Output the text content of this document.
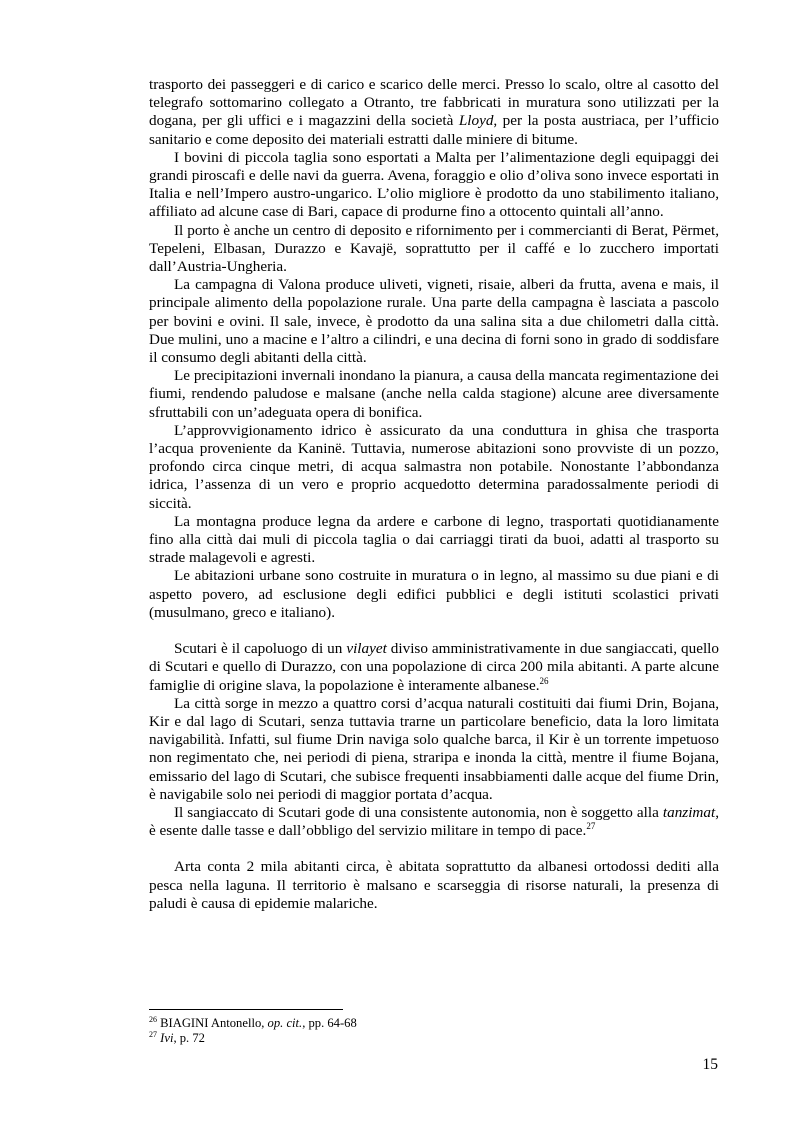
trasporto dei passeggeri e di carico e scarico delle merci. Presso lo scalo, oltre al casotto del telegrafo sottomarino collegato a Otranto, tre fabbricati in muratura sono utilizzati per la dogana, per gli uffici e i magazzini della società Lloyd, per la posta austriaca, per l’ufficio sanitario e come deposito dei materiali estratti dalle miniere di bitume.

I bovini di piccola taglia sono esportati a Malta per l’alimentazione degli equipaggi dei grandi piroscafi e delle navi da guerra. Avena, foraggio e olio d’oliva sono invece esportati in Italia e nell’Impero austro-ungarico. L’olio migliore è prodotto da uno stabilimento italiano, affiliato ad alcune case di Bari, capace di produrne fino a ottocento quintali all’anno.

Il porto è anche un centro di deposito e rifornimento per i commercianti di Berat, Përmet, Tepeleni, Elbasan, Durazzo e Kavajë, soprattutto per il caffé e lo zucchero importati dall’Austria-Ungheria.

La campagna di Valona produce uliveti, vigneti, risaie, alberi da frutta, avena e mais, il principale alimento della popolazione rurale. Una parte della campagna è lasciata a pascolo per bovini e ovini. Il sale, invece, è prodotto da una salina sita a due chilometri dalla città. Due mulini, uno a macine e l’altro a cilindri, e una decina di forni sono in grado di soddisfare il consumo degli abitanti della città.

Le precipitazioni invernali inondano la pianura, a causa della mancata regimentazione dei fiumi, rendendo paludose e malsane (anche nella calda stagione) alcune aree diversamente sfruttabili con un’adeguata opera di bonifica.

L’approvvigionamento idrico è assicurato da una conduttura in ghisa che trasporta l’acqua proveniente da Kaninë. Tuttavia, numerose abitazioni sono provviste di un pozzo, profondo circa cinque metri, di acqua salmastra non potabile. Nonostante l’abbondanza idrica, l’assenza di un vero e proprio acquedotto determina paradossalmente periodi di siccità.

La montagna produce legna da ardere e carbone di legno, trasportati quotidianamente fino alla città dai muli di piccola taglia o dai carriaggi tirati da buoi, adatti al trasporto su strade malagevoli e agresti.

Le abitazioni urbane sono costruite in muratura o in legno, al massimo su due piani e di aspetto povero, ad esclusione degli edifici pubblici e degli istituti scolastici privati (musulmano, greco e italiano).

Scutari è il capoluogo di un vilayet diviso amministrativamente in due sangiaccati, quello di Scutari e quello di Durazzo, con una popolazione di circa 200 mila abitanti. A parte alcune famiglie di origine slava, la popolazione è interamente albanese.$^{26}$

La città sorge in mezzo a quattro corsi d’acqua naturali costituiti dai fiumi Drin, Bojana, Kir e dal lago di Scutari, senza tuttavia trarne un particolare beneficio, data la loro limitata navigabilità. Infatti, sul fiume Drin naviga solo qualche barca, il Kir è un torrente impetuoso non regimentato che, nei periodi di piena, straripa e inonda la città, mentre il fiume Bojana, emissario del lago di Scutari, che subisce frequenti insabbiamenti dalle acque del fiume Drin, è navigabile solo nei periodi di maggior portata d’acqua.

Il sangiaccato di Scutari gode di una consistente autonomia, non è soggetto alla tanzimat, è esente dalle tasse e dall’obbligo del servizio militare in tempo di pace.$^{27}$

Arta conta 2 mila abitanti circa, è abitata soprattutto da albanesi ortodossi dediti alla pesca nella laguna. Il territorio è malsano e scarseggia di risorse naturali, la presenza di paludi è causa di epidemie malariche.

$^{26}$ BIAGINI Antonello, op. cit., pp. 64-68
$^{27}$ Ivi, p. 72
15
